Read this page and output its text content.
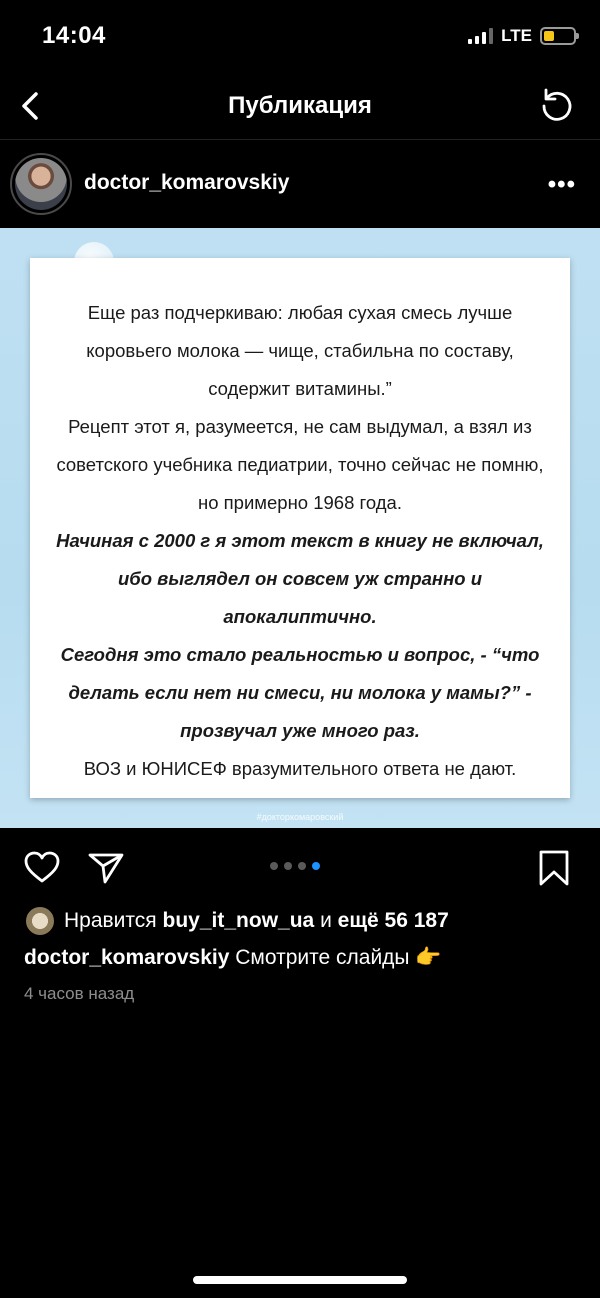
14:04	LTE
Публикация
doctor_komarovskiy	•••

Еще раз подчеркиваю: любая сухая смесь лучше коровьего молока — чище, стабильна по составу, содержит витамины.”

Рецепт этот я, разумеется, не сам выдумал, а взял из советского учебника педиатрии, точно сейчас не помню, но примерно 1968 года.

Начиная с 2000 г я этот текст в книгу не включал, ибо выглядел он совсем уж странно и апокалиптично.

Сегодня это стало реальностью и вопрос, - “что делать если нет ни смеси, ни молока у мамы?” - прозвучал уже много раз.

ВОЗ и ЮНИСЕФ вразумительного ответа не дают.

#докторкомаровский
Нравится
buy_it_now_ua
и
ещё 56 187
doctor_komarovskiy Смотрите слайды 👉
4 часов назад
